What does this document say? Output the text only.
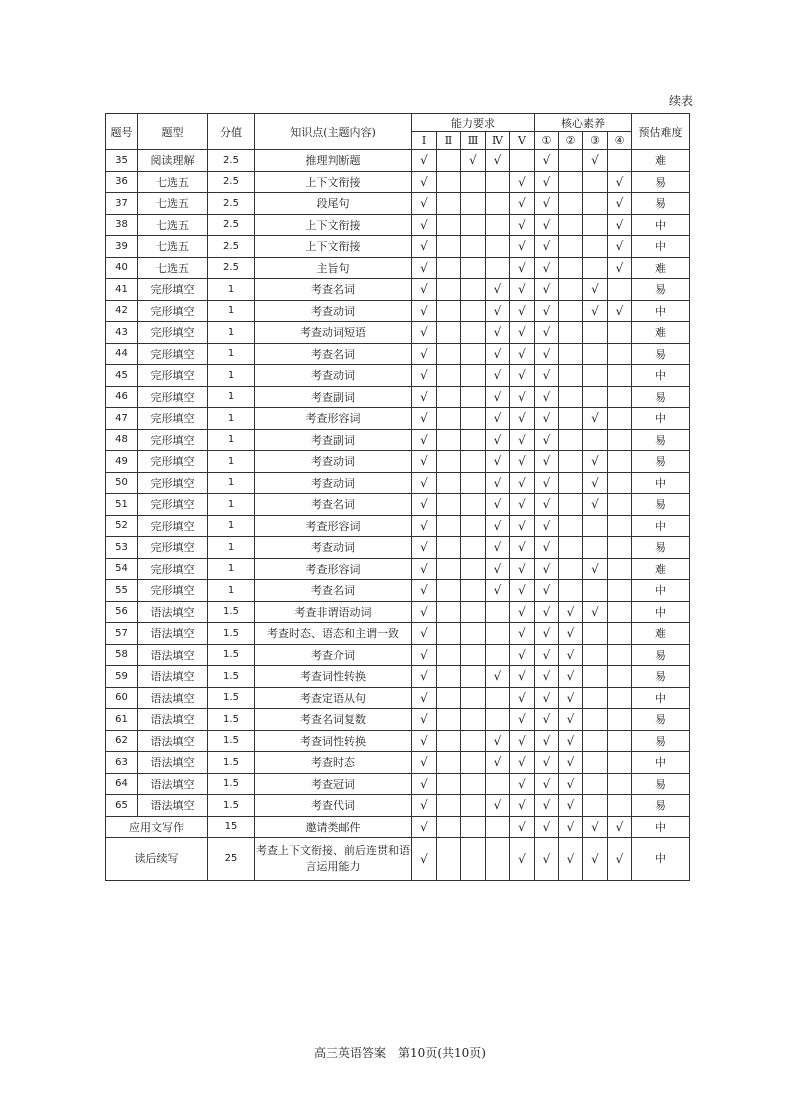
续表
题号	题型	分值	知识点(主题内容)	能力要求					核心素养				预估难度
				Ⅰ	Ⅱ	Ⅲ	Ⅳ	Ⅴ	①	②	③	④	
35	阅读理解	2.5	推理判断题	√		√	√		√		√		难
36	七选五	2.5	上下文衔接	√				√	√			√	易
37	七选五	2.5	段尾句	√				√	√			√	易
38	七选五	2.5	上下文衔接	√				√	√			√	中
39	七选五	2.5	上下文衔接	√				√	√			√	中
40	七选五	2.5	主旨句	√				√	√			√	难
41	完形填空	1	考查名词	√			√	√	√		√		易
42	完形填空	1	考查动词	√			√	√	√		√	√	中
43	完形填空	1	考查动词短语	√			√	√	√				难
44	完形填空	1	考查名词	√			√	√	√				易
45	完形填空	1	考查动词	√			√	√	√				中
46	完形填空	1	考查副词	√			√	√	√				易
47	完形填空	1	考查形容词	√			√	√	√		√		中
48	完形填空	1	考查副词	√			√	√	√				易
49	完形填空	1	考查动词	√			√	√	√		√		易
50	完形填空	1	考查动词	√			√	√	√		√		中
51	完形填空	1	考查名词	√			√	√	√		√		易
52	完形填空	1	考查形容词	√			√	√	√				中
53	完形填空	1	考查动词	√			√	√	√				易
54	完形填空	1	考查形容词	√			√	√	√		√		难
55	完形填空	1	考查名词	√			√	√	√				中
56	语法填空	1.5	考查非谓语动词	√				√	√	√	√		中
57	语法填空	1.5	考查时态、语态和主谓一致	√				√	√	√			难
58	语法填空	1.5	考查介词	√				√	√	√			易
59	语法填空	1.5	考查词性转换	√			√	√	√	√			易
60	语法填空	1.5	考查定语从句	√				√	√	√			中
61	语法填空	1.5	考查名词复数	√				√	√	√			易
62	语法填空	1.5	考查词性转换	√			√	√	√	√			易
63	语法填空	1.5	考查时态	√			√	√	√	√			中
64	语法填空	1.5	考查冠词	√				√	√	√			易
65	语法填空	1.5	考查代词	√			√	√	√	√			易
应用文写作		15	邀请类邮件	√				√	√	√	√	√	中
读后续写		25	考查上下文衔接、前后连贯和语言运用能力	√				√	√	√	√	√	中
高三英语答案　第10页(共10页)
